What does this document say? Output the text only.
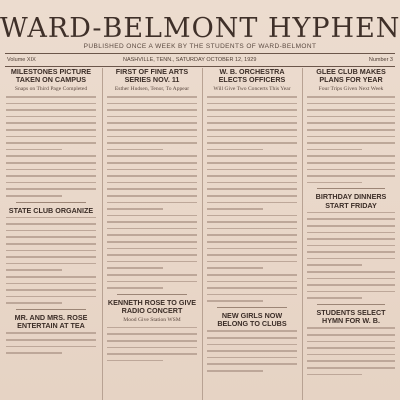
WARD-BELMONT HYPHEN
PUBLISHED ONCE A WEEK BY THE STUDENTS OF WARD-BELMONT
Volume XIX	NASHVILLE, TENN., SATURDAY OCTOBER 12, 1929	Number 3
MILESTONES PICTURE TAKEN ON CAMPUS
Snaps on Third Page Completed
STATE CLUB ORGANIZE
MR. AND MRS. ROSE ENTERTAIN AT TEA
FIRST OF FINE ARTS SERIES NOV. 11
Esther Hudsen, Tenor, To Appear
KENNETH ROSE TO GIVE RADIO CONCERT
Mood Give Station WSM
W. B. ORCHESTRA ELECTS OFFICERS
Will Give Two Concerts This Year
NEW GIRLS NOW BELONG TO CLUBS
GLEE CLUB MAKES PLANS FOR YEAR
Four Trips Given Next Week
BIRTHDAY DINNERS START FRIDAY
STUDENTS SELECT HYMN FOR W. B.
